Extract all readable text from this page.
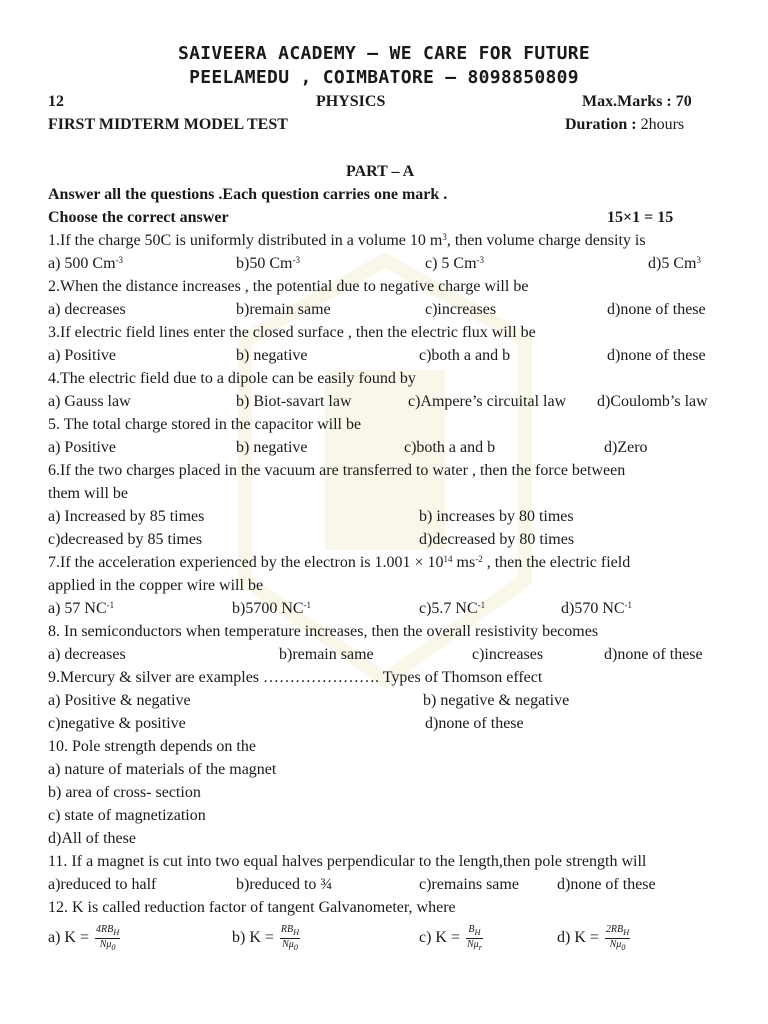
SAIVEERA ACADEMY – WE CARE FOR FUTURE
PEELAMEDU , COIMBATORE – 8098850809
12	PHYSICS	Max.Marks : 70
FIRST MIDTERM MODEL TEST	Duration : 2hours
PART – A
Answer all the questions .Each question carries one mark .
Choose the correct answer	15×1 = 15
1.If the charge 50C is uniformly distributed in a volume 10 $m^3$, then volume charge density is
a) 500 $Cm^{-3}$	b)50 $Cm^{-3}$	c) 5 $Cm^{-3}$	d)5 Cm$^3$
2.When the distance increases , the potential due to negative charge will be
a) decreases	b)remain same	c)increases	d)none of these
3.If electric field lines enter the closed surface , then the electric flux will be
a) Positive	b) negative	c)both a and b	d)none of these
4.The electric field due to a dipole can be easily found by
a) Gauss law	b) Biot-savart law	c)Ampere’s circuital law d)Coulomb’s law
5. The total charge stored in the capacitor will be
a) Positive	b) negative	c)both a and b	d)Zero
6.If the two charges placed in the vacuum are transferred to water , then the force between
them will be
a) Increased by 85 times	b) increases by 80 times
c)decreased by 85 times	d)decreased by 80 times
7.If the acceleration experienced by the electron is $1.001 \times 10^{14}$ $ms^{-2}$ , then the electric field
applied in the copper wire will be
a) 57 $NC^{-1}$	b)5700 $NC^{-1}$	c)5.7 $NC^{-1}$	d)570 $NC^{-1}$
8. In semiconductors when temperature increases, then the overall resistivity becomes
a) decreases	b)remain same	c)increases	d)none of these
9.Mercury & silver are examples …………………. Types of Thomson effect
a) Positive & negative	b) negative & negative
c)negative & positive	d)none of these
10. Pole strength depends on the
a) nature of materials of the magnet
b) area of cross- section
c) state of magnetization
d)All of these
11. If a magnet is cut into two equal halves perpendicular to the length,then pole strength will
a)reduced to half	b)reduced to ¾	c)remains same d)none of these
12. K is called reduction factor of tangent Galvanometer, where
a) $K = \frac{4RB_H}{N\mu_0}$	b) $K = \frac{RB_H}{N\mu_0}$	c) $K = \frac{B_H}{N\mu_r}$	d) $K = \frac{2RB_H}{N\mu_0}$
